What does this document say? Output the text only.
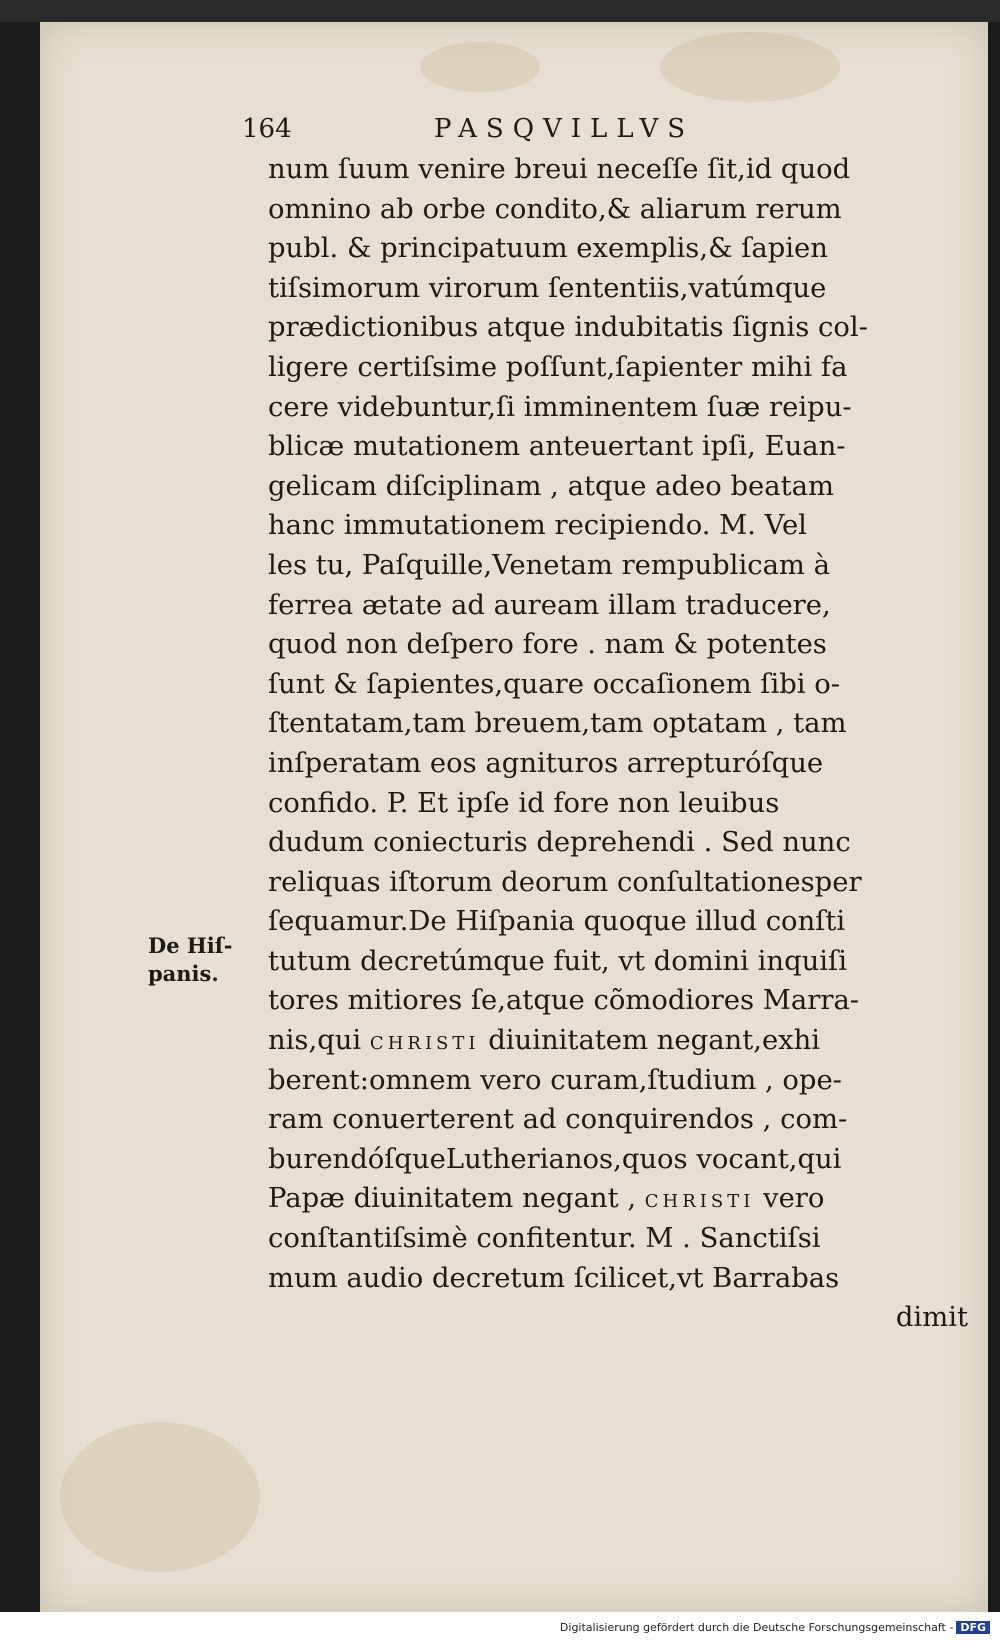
164	PASQVILLVS
De Hiſ-
panis.
num ſuum venire breui neceſſe ſit,id quod
omnino ab orbe condito,& aliarum rerum
publ. & principatuum exemplis,& ſapien
tiſsimorum virorum ſententiis,vatúmque
prædictionibus atque indubitatis ſignis col-
ligere certiſsime poſſunt,ſapienter mihi fa
cere videbuntur,ſi imminentem ſuæ reipu-
blicæ mutationem anteuertant ipſi, Euan-
gelicam diſciplinam , atque adeo beatam
hanc immutationem recipiendo. M. Vel
les tu, Paſquille,Venetam rempublicam à
ferrea ætate ad auream illam traducere,
quod non deſpero fore . nam & potentes
ſunt & ſapientes,quare occaſionem ſibi o-
ſtentatam,tam breuem,tam optatam , tam
inſperatam eos agnituros arrepturóſque
confido. P. Et ipſe id fore non leuibus
dudum coniecturis deprehendi . Sed nunc
reliquas iſtorum deorum conſultationesper
ſequamur.De Hiſpania quoque illud conſti
tutum decretúmque fuit, vt domini inquiſi
tores mitiores ſe,atque cõmodiores Marra-
nis,qui CHRISTI diuinitatem negant,exhi
berent:omnem vero curam,ſtudium , ope-
ram conuerterent ad conquirendos , com-
burendóſqueLutherianos,quos vocant,qui
Papæ diuinitatem negant , CHRISTI vero
conſtantiſsimè confitentur. M . Sanctiſsi
mum audio decretum ſcilicet,vt Barrabas
dimit
Digitalisierung gefördert durch die Deutsche Forschungsgemeinschaft - DFG
